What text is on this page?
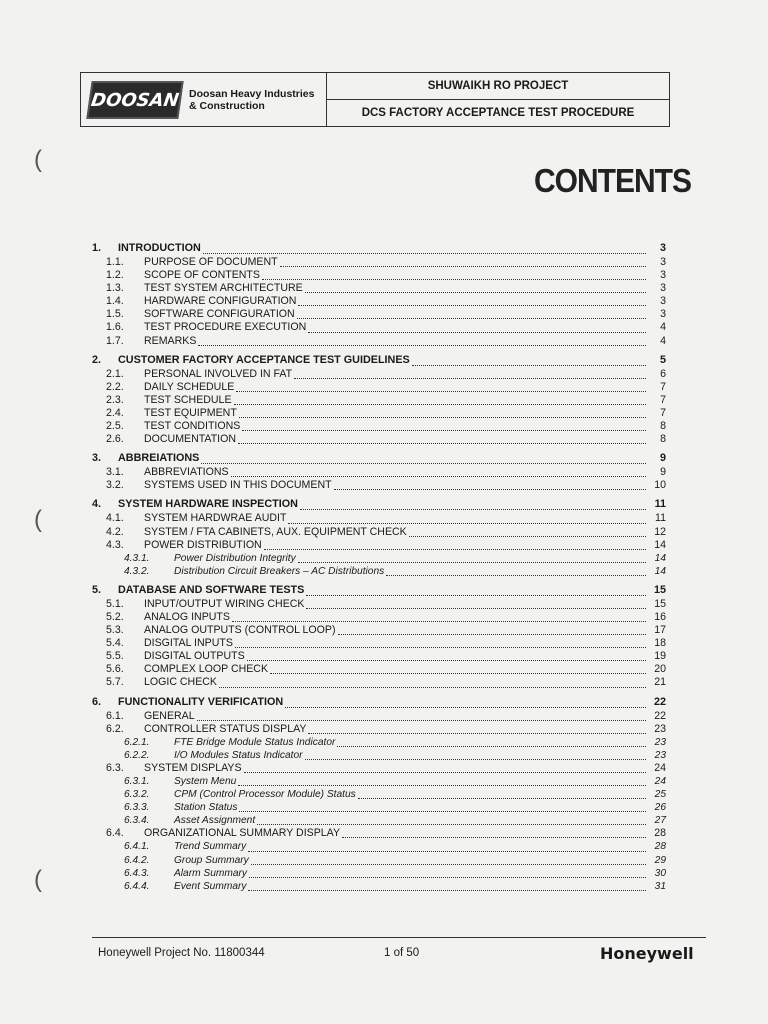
DOOSAN Doosan Heavy Industries
& Construction
SHUWAIKH RO PROJECT
DCS FACTORY ACCEPTANCE TEST PROCEDURE
CONTENTS
(
(
(
1. INTRODUCTION	3
1.1. PURPOSE OF DOCUMENT	3
1.2. SCOPE OF CONTENTS	3
1.3. TEST SYSTEM ARCHITECTURE	3
1.4. HARDWARE CONFIGURATION	3
1.5. SOFTWARE CONFIGURATION	3
1.6. TEST PROCEDURE EXECUTION	4
1.7. REMARKS	4
2. CUSTOMER FACTORY ACCEPTANCE TEST GUIDELINES	5
2.1. PERSONAL INVOLVED IN FAT	6
2.2. DAILY SCHEDULE	7
2.3. TEST SCHEDULE	7
2.4. TEST EQUIPMENT	7
2.5. TEST CONDITIONS	8
2.6. DOCUMENTATION	8
3. ABBREIATIONS	9
3.1. ABBREVIATIONS	9
3.2. SYSTEMS USED IN THIS DOCUMENT	10
4. SYSTEM HARDWARE INSPECTION	11
4.1. SYSTEM HARDWRAE AUDIT	11
4.2. SYSTEM / FTA CABINETS, AUX. EQUIPMENT CHECK	12
4.3. POWER DISTRIBUTION	14
4.3.1. Power Distribution Integrity	14
4.3.2. Distribution Circuit Breakers – AC Distributions	14
5. DATABASE AND SOFTWARE TESTS	15
5.1. INPUT/OUTPUT WIRING CHECK	15
5.2. ANALOG INPUTS	16
5.3. ANALOG OUTPUTS (CONTROL LOOP)	17
5.4. DISGITAL INPUTS	18
5.5. DISGITAL OUTPUTS	19
5.6. COMPLEX LOOP CHECK	20
5.7. LOGIC CHECK	21
6. FUNCTIONALITY VERIFICATION	22
6.1. GENERAL	22
6.2. CONTROLLER STATUS DISPLAY	23
6.2.1. FTE Bridge Module Status Indicator	23
6.2.2. I/O Modules Status Indicator	23
6.3. SYSTEM DISPLAYS	24
6.3.1. System Menu	24
6.3.2. CPM (Control Processor Module) Status	25
6.3.3. Station Status	26
6.3.4. Asset Assignment	27
6.4. ORGANIZATIONAL SUMMARY DISPLAY	28
6.4.1. Trend Summary	28
6.4.2. Group Summary	29
6.4.3. Alarm Summary	30
6.4.4. Event Summary	31
Honeywell Project No. 11800344	1 of 50	Honeywell
